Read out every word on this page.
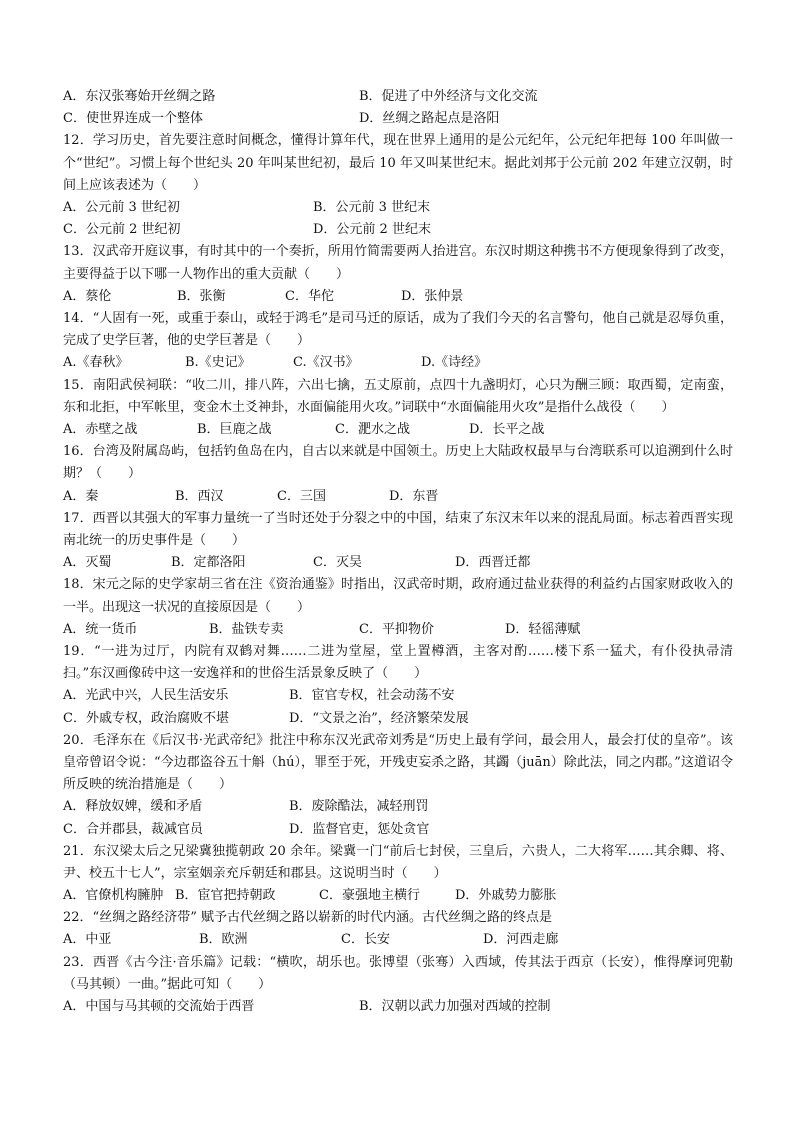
A．东汉张骞始开丝绸之路	B．促进了中外经济与文化交流
C．使世界连成一个整体	D．丝绸之路起点是洛阳
12．学习历史，首先要注意时间概念，懂得计算年代，现在世界上通用的是公元纪年，公元纪年把每 100 年叫做一个“世纪”。习惯上每个世纪头 20 年叫某世纪初，最后 10 年又叫某世纪末。据此刘邦于公元前 202 年建立汉朝，时间上应该表述为（　　）
A．公元前 3 世纪初	B．公元前 3 世纪末
C．公元前 2 世纪初	D．公元前 2 世纪末
13．汉武帝开庭议事，有时其中的一个奏折，所用竹简需要两人抬进宫。东汉时期这种携书不方便现象得到了改变，主要得益于以下哪一人物作出的重大贡献（　　）
A．蔡伦	B．张衡	C．华佗	D．张仲景
14．“人固有一死，或重于泰山，或轻于鸿毛”是司马迁的原话，成为了我们今天的名言警句，他自己就是忍辱负重，完成了史学巨著，他的史学巨著是（　　）
A.《春秋》	B.《史记》	C.《汉书》	D.《诗经》
15．南阳武侯祠联：“收二川，排八阵，六出七擒，五丈原前，点四十九盏明灯，心只为酬三顾：取西蜀，定南蛮，东和北拒，中军帐里，变金木土爻神卦，水面偏能用火攻。”词联中“水面偏能用火攻”是指什么战役（　　）
A．赤壁之战	B．巨鹿之战	C．淝水之战	D．长平之战
16．台湾及附属岛屿，包括钓鱼岛在内，自古以来就是中国领土。历史上大陆政权最早与台湾联系可以追溯到什么时期？（　　）
A．秦	B．西汉	C．三国	D．东晋
17．西晋以其强大的军事力量统一了当时还处于分裂之中的中国，结束了东汉末年以来的混乱局面。标志着西晋实现南北统一的历史事件是（　　）
A．灭蜀	B．定都洛阳	C．灭吴	D．西晋迁都
18．宋元之际的史学家胡三省在注《资治通鉴》时指出，汉武帝时期，政府通过盐业获得的利益约占国家财政收入的一半。出现这一状况的直接原因是（　　）
A．统一货币	B．盐铁专卖	C．平抑物价	D．轻徭薄赋
19．“一进为过厅，内院有双鹤对舞……二进为堂屋，堂上置樽酒，主客对酌……楼下系一猛犬，有仆役执帚清扫。”东汉画像砖中这一安逸祥和的世俗生活景象反映了（　　）
A．光武中兴，人民生活安乐	B．宦官专权，社会动荡不安
C．外戚专权，政治腐败不堪	D．“文景之治”，经济繁荣发展
20．毛泽东在《后汉书·光武帝纪》批注中称东汉光武帝刘秀是“历史上最有学问，最会用人，最会打仗的皇帝”。该皇帝曾诏令说：“今边郡盗谷五十斛（hú），罪至于死，开残吏妄杀之路，其蠲（juān）除此法，同之内郡。”这道诏令所反映的统治措施是（　　）
A．释放奴婢，缓和矛盾	B．废除酷法，减轻刑罚
C．合并郡县，裁减官员	D．监督官吏，惩处贪官
21．东汉梁太后之兄梁冀独揽朝政 20 余年。梁冀一门“前后七封侯，三皇后，六贵人，二大将军……其余卿、将、尹、校五十七人”，宗室姻亲充斥朝廷和郡县。这说明当时（　　）
A．官僚机构臃肿 B．宦官把持朝政	C．豪强地主横行	D．外戚势力膨胀
22．“丝绸之路经济带” 赋予古代丝绸之路以崭新的时代内涵。古代丝绸之路的终点是
A．中亚	B．欧洲	C．长安	D．河西走廊
23．西晋《古今注·音乐篇》记载：“横吹，胡乐也。张博望（张骞）入西域，传其法于西京（长安），惟得摩诃兜勒（马其顿）一曲。”据此可知（　　）
A．中国与马其顿的交流始于西晋	B．汉朝以武力加强对西域的控制
